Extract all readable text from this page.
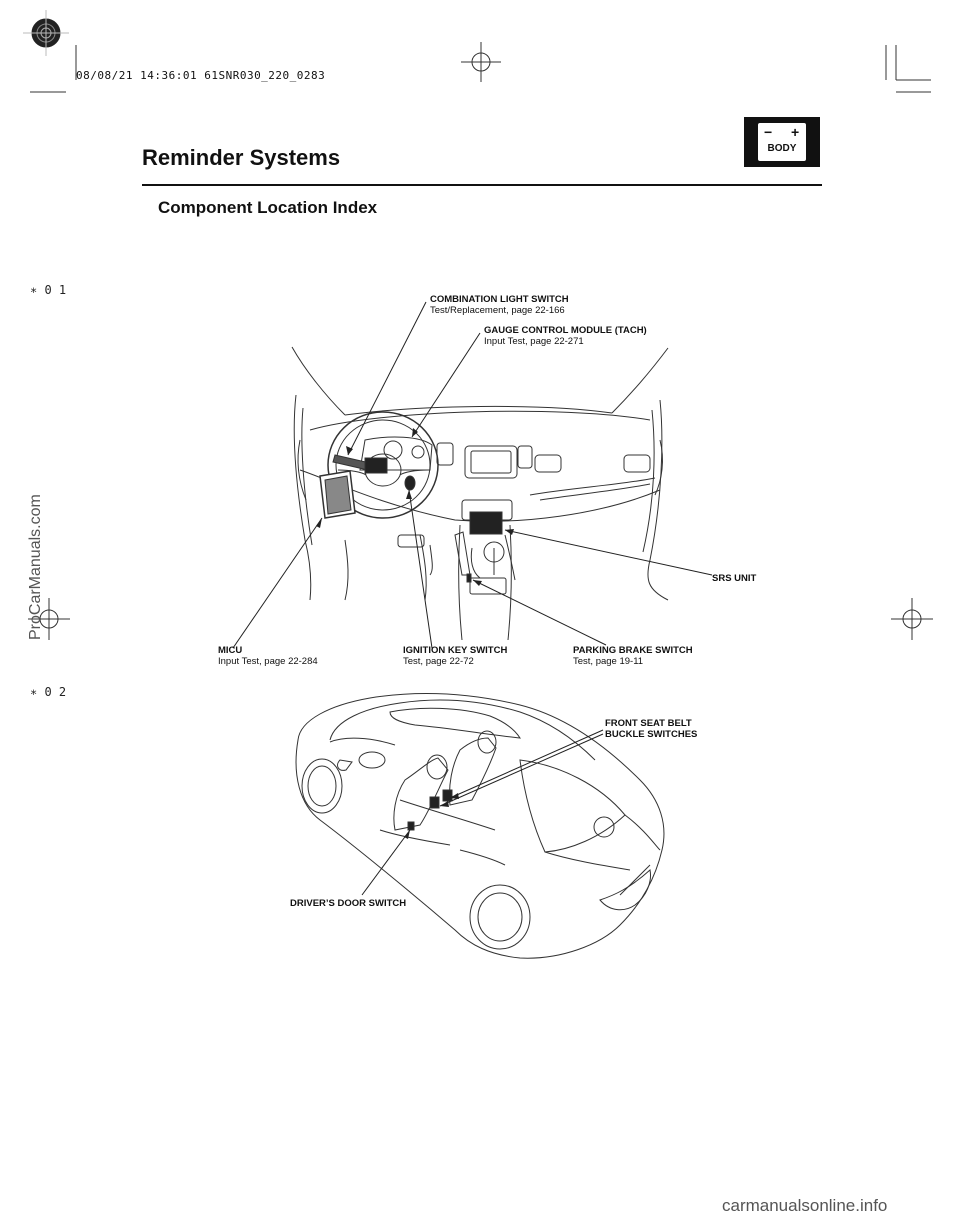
08/08/21 14:36:01 61SNR030_220_0283
− +
BODY
Reminder Systems
Component Location Index
ProCarManuals.com
∗ 0 1
∗ 0 2
COMBINATION LIGHT SWITCH
Test/Replacement, page 22-166
GAUGE CONTROL MODULE (TACH)
Input Test, page 22-271
SRS UNIT
MICU
Input Test, page 22-284
IGNITION KEY SWITCH
Test, page 22-72
PARKING BRAKE SWITCH
Test, page 19-11
FRONT SEAT BELT
BUCKLE SWITCHES
DRIVER’S DOOR SWITCH
carmanualsonline.info
